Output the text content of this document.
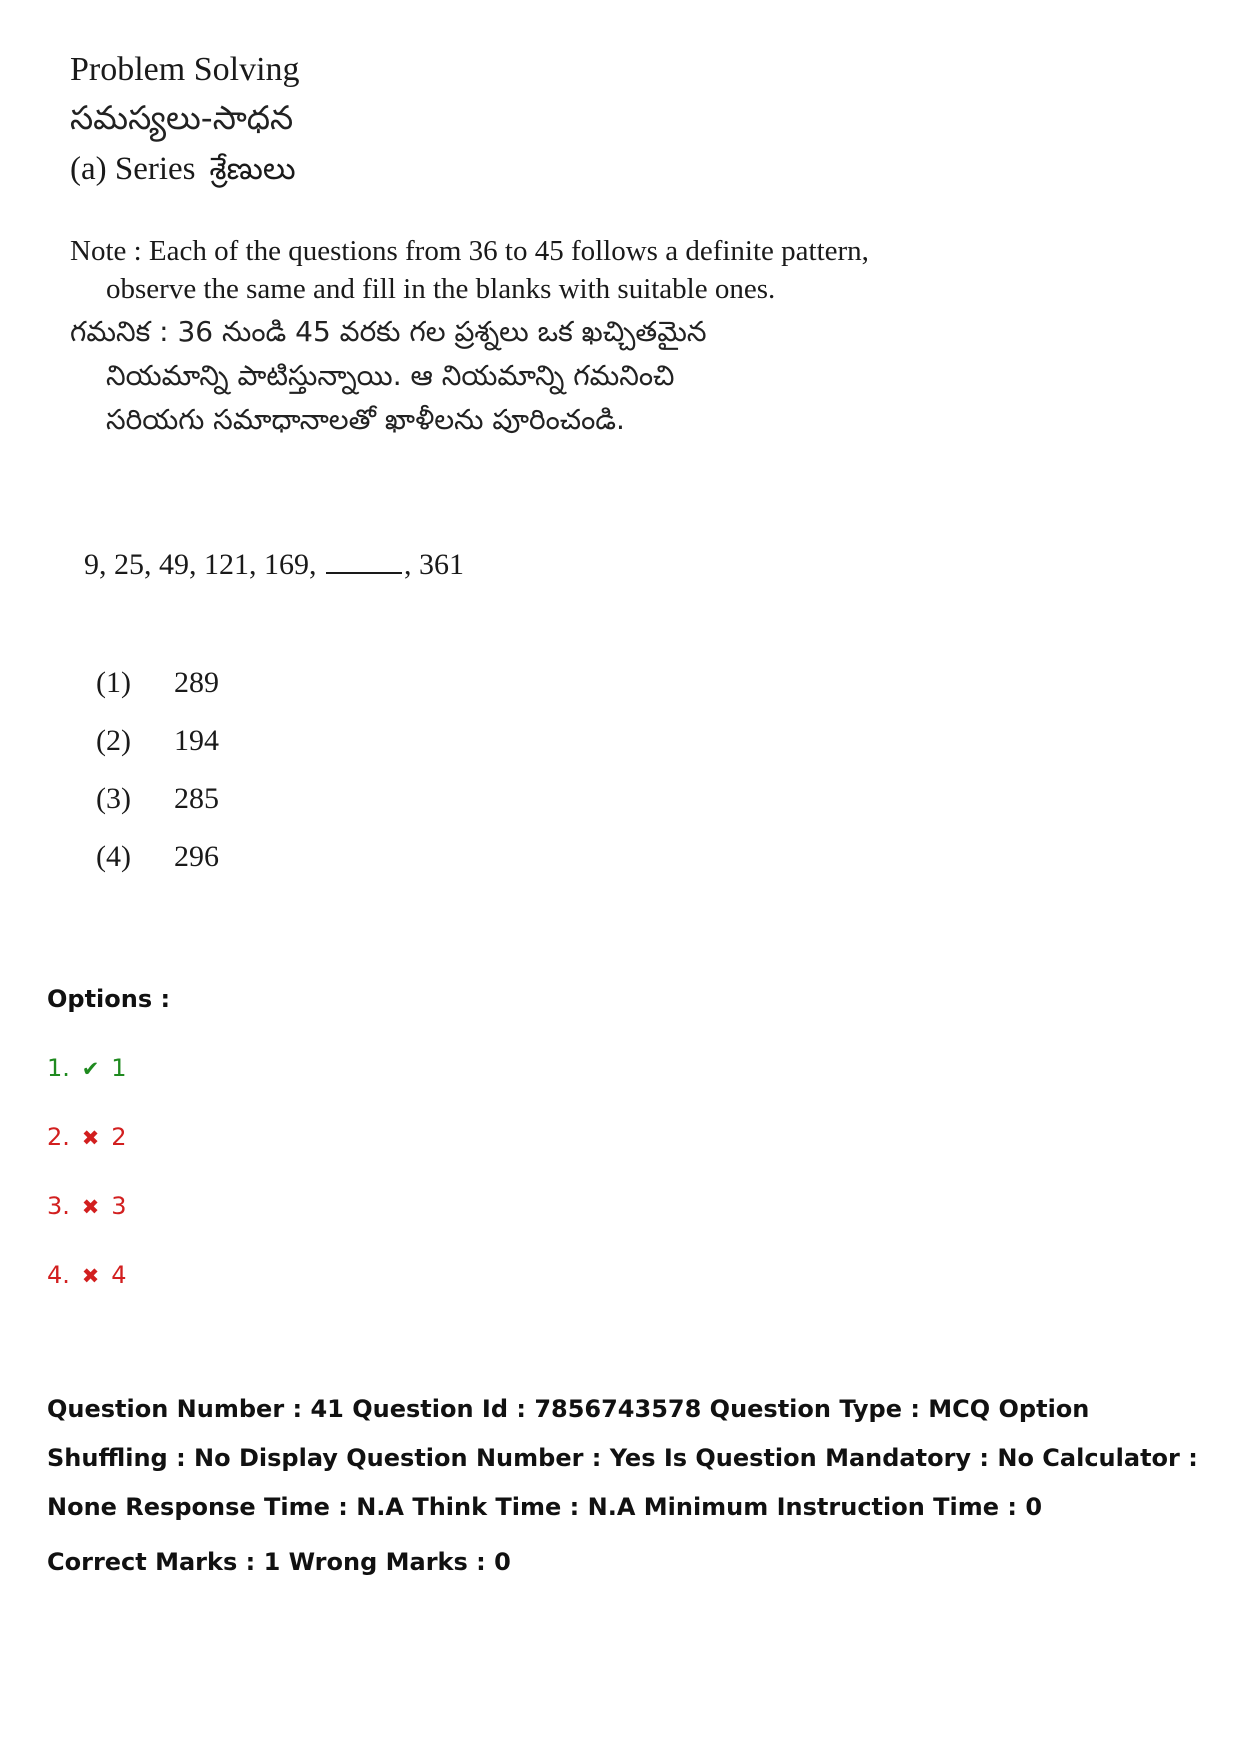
Problem Solving

సమస్యలు-సాధన

(a) Series శ్రేణులు

Note : Each of the questions from 36 to 45 follows a definite pattern,
observe the same and fill in the blanks with suitable ones.
గమనిక : 36 నుండి 45 వరకు గల ప్రశ్నలు ఒక ఖచ్చితమైన
నియమాన్ని పాటిస్తున్నాయి. ఆ నియమాన్ని గమనించి
సరియగు సమాధానాలతో ఖాళీలను పూరించండి.
9, 25, 49, 121, 169,	, 361
(1) 289
(2) 194
(3) 285
(4) 296

Options :

1. ✔ 1
2. ✖ 2
3. ✖ 3
4. ✖ 4
Question Number : 41 Question Id : 7856743578 Question Type : MCQ Option Shuffling : No Display Question Number : Yes Is Question Mandatory : No Calculator : None Response Time : N.A Think Time : N.A Minimum Instruction Time : 0
Correct Marks : 1 Wrong Marks : 0
